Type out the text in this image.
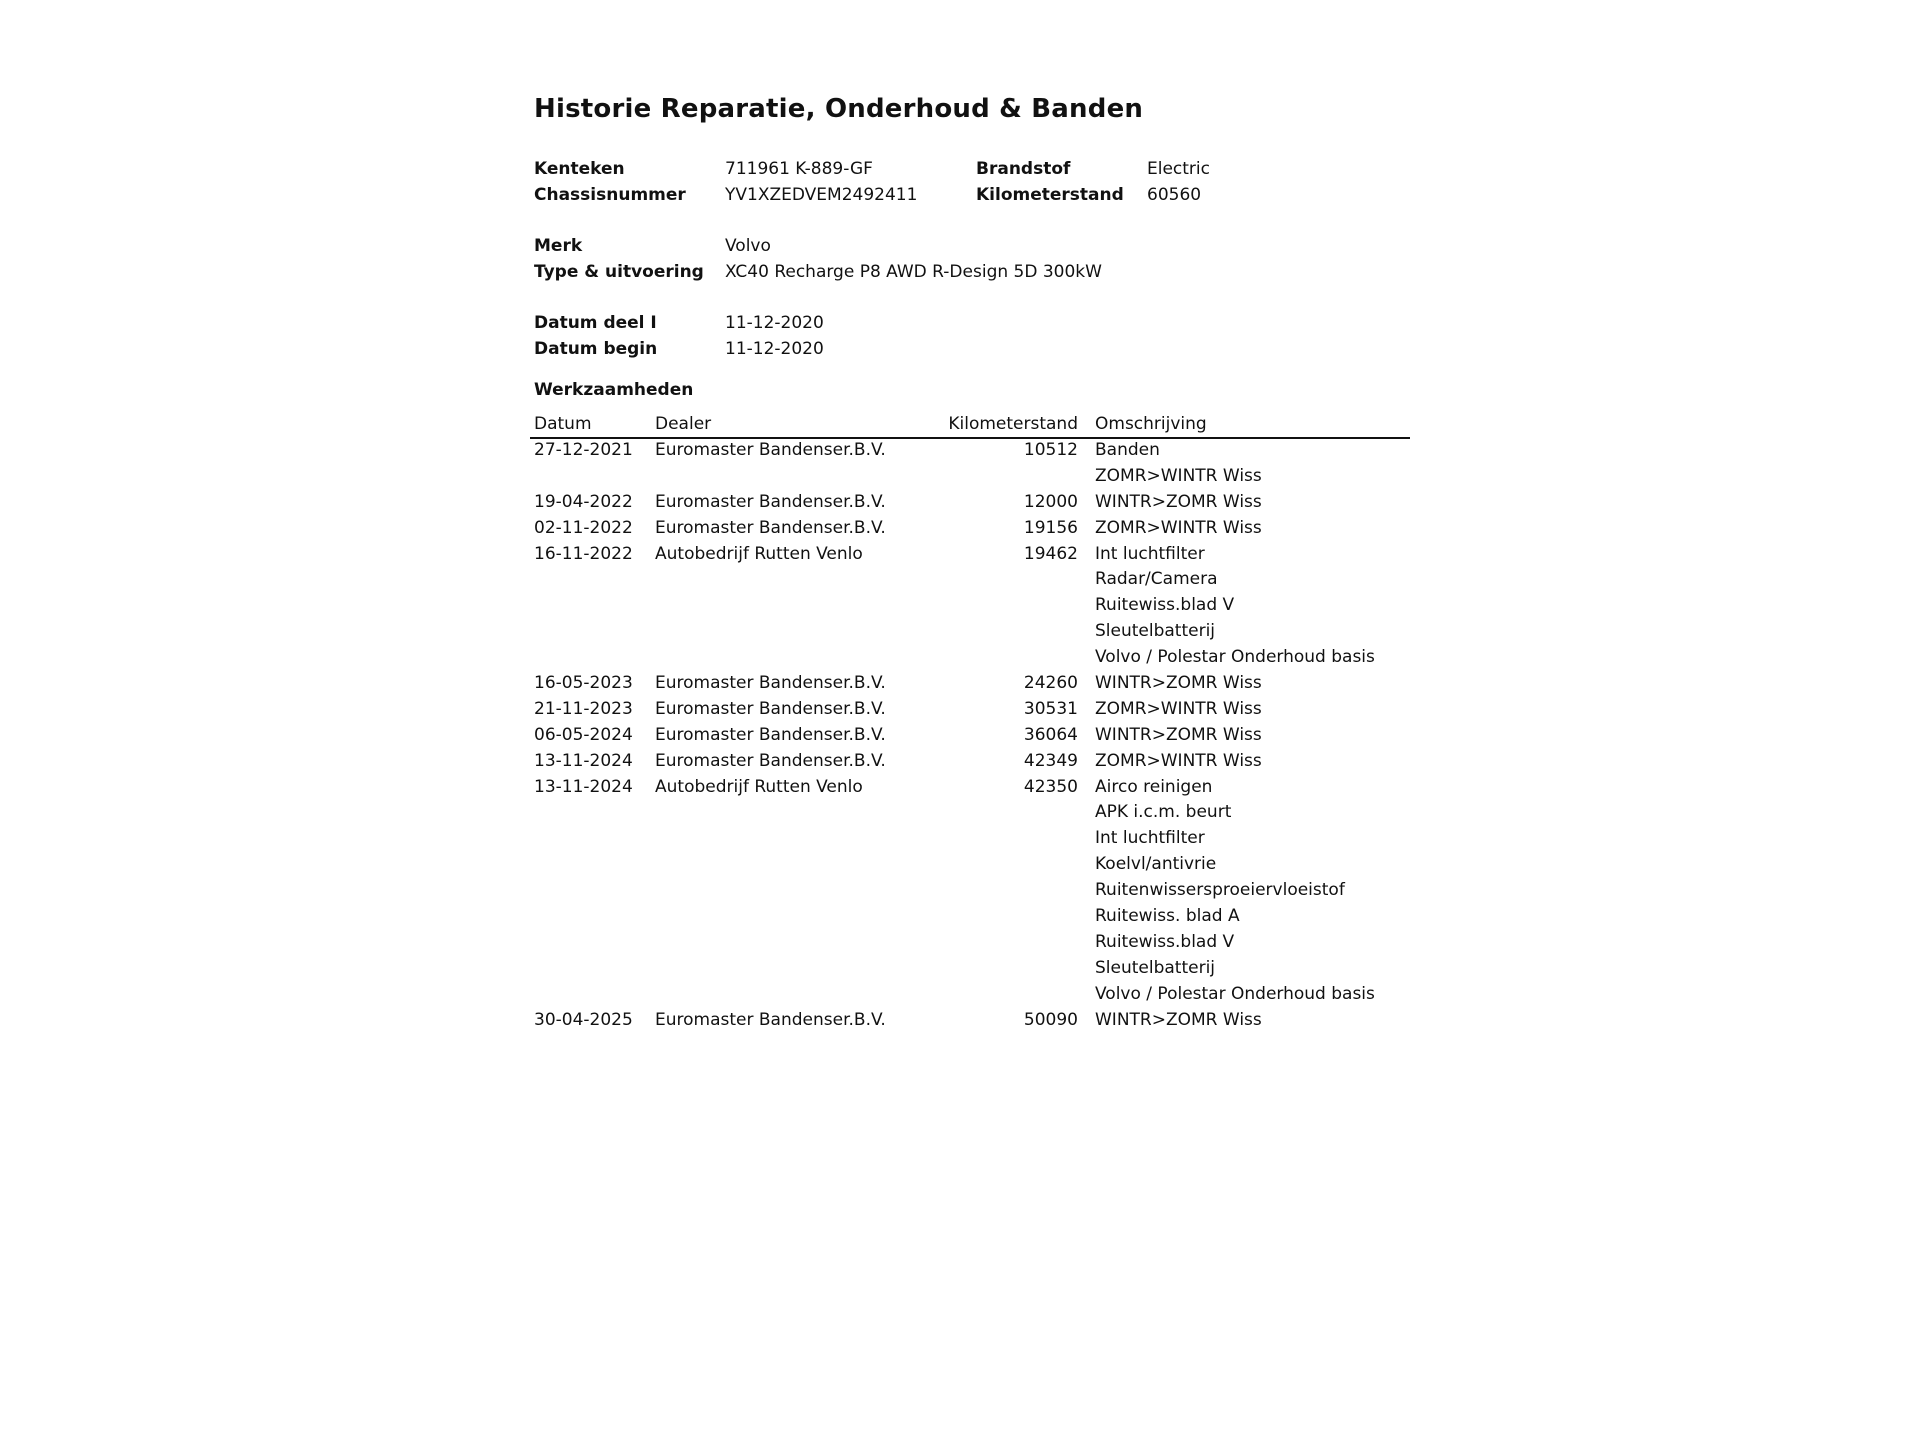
Historie Reparatie, Onderhoud & Banden
Kenteken	711961 K-889-GF	Brandstof	Electric
Chassisnummer YV1XZEDVEM2492411	Kilometerstand 60560
Merk	Volvo
Type & uitvoering XC40 Recharge P8 AWD R-Design 5D 300kW
Datum deel I	11-12-2020
Datum begin	11-12-2020
Werkzaamheden
Datum	Dealer	Kilometerstand Omschrijving
27-12-2021 Euromaster Bandenser.B.V.	10512 Banden
ZOMR>WINTR Wiss
19-04-2022 Euromaster Bandenser.B.V.	12000 WINTR>ZOMR Wiss
02-11-2022 Euromaster Bandenser.B.V.	19156 ZOMR>WINTR Wiss
16-11-2022 Autobedrijf Rutten Venlo	19462 Int luchtfilter
Radar/Camera
Ruitewiss.blad V
Sleutelbatterij
Volvo / Polestar Onderhoud basis
16-05-2023 Euromaster Bandenser.B.V.	24260 WINTR>ZOMR Wiss
21-11-2023 Euromaster Bandenser.B.V.	30531 ZOMR>WINTR Wiss
06-05-2024 Euromaster Bandenser.B.V.	36064 WINTR>ZOMR Wiss
13-11-2024 Euromaster Bandenser.B.V.	42349 ZOMR>WINTR Wiss
13-11-2024 Autobedrijf Rutten Venlo	42350 Airco reinigen
APK i.c.m. beurt
Int luchtfilter
Koelvl/antivrie
Ruitenwissersproeiervloeistof
Ruitewiss. blad A
Ruitewiss.blad V
Sleutelbatterij
Volvo / Polestar Onderhoud basis
30-04-2025 Euromaster Bandenser.B.V.	50090 WINTR>ZOMR Wiss
